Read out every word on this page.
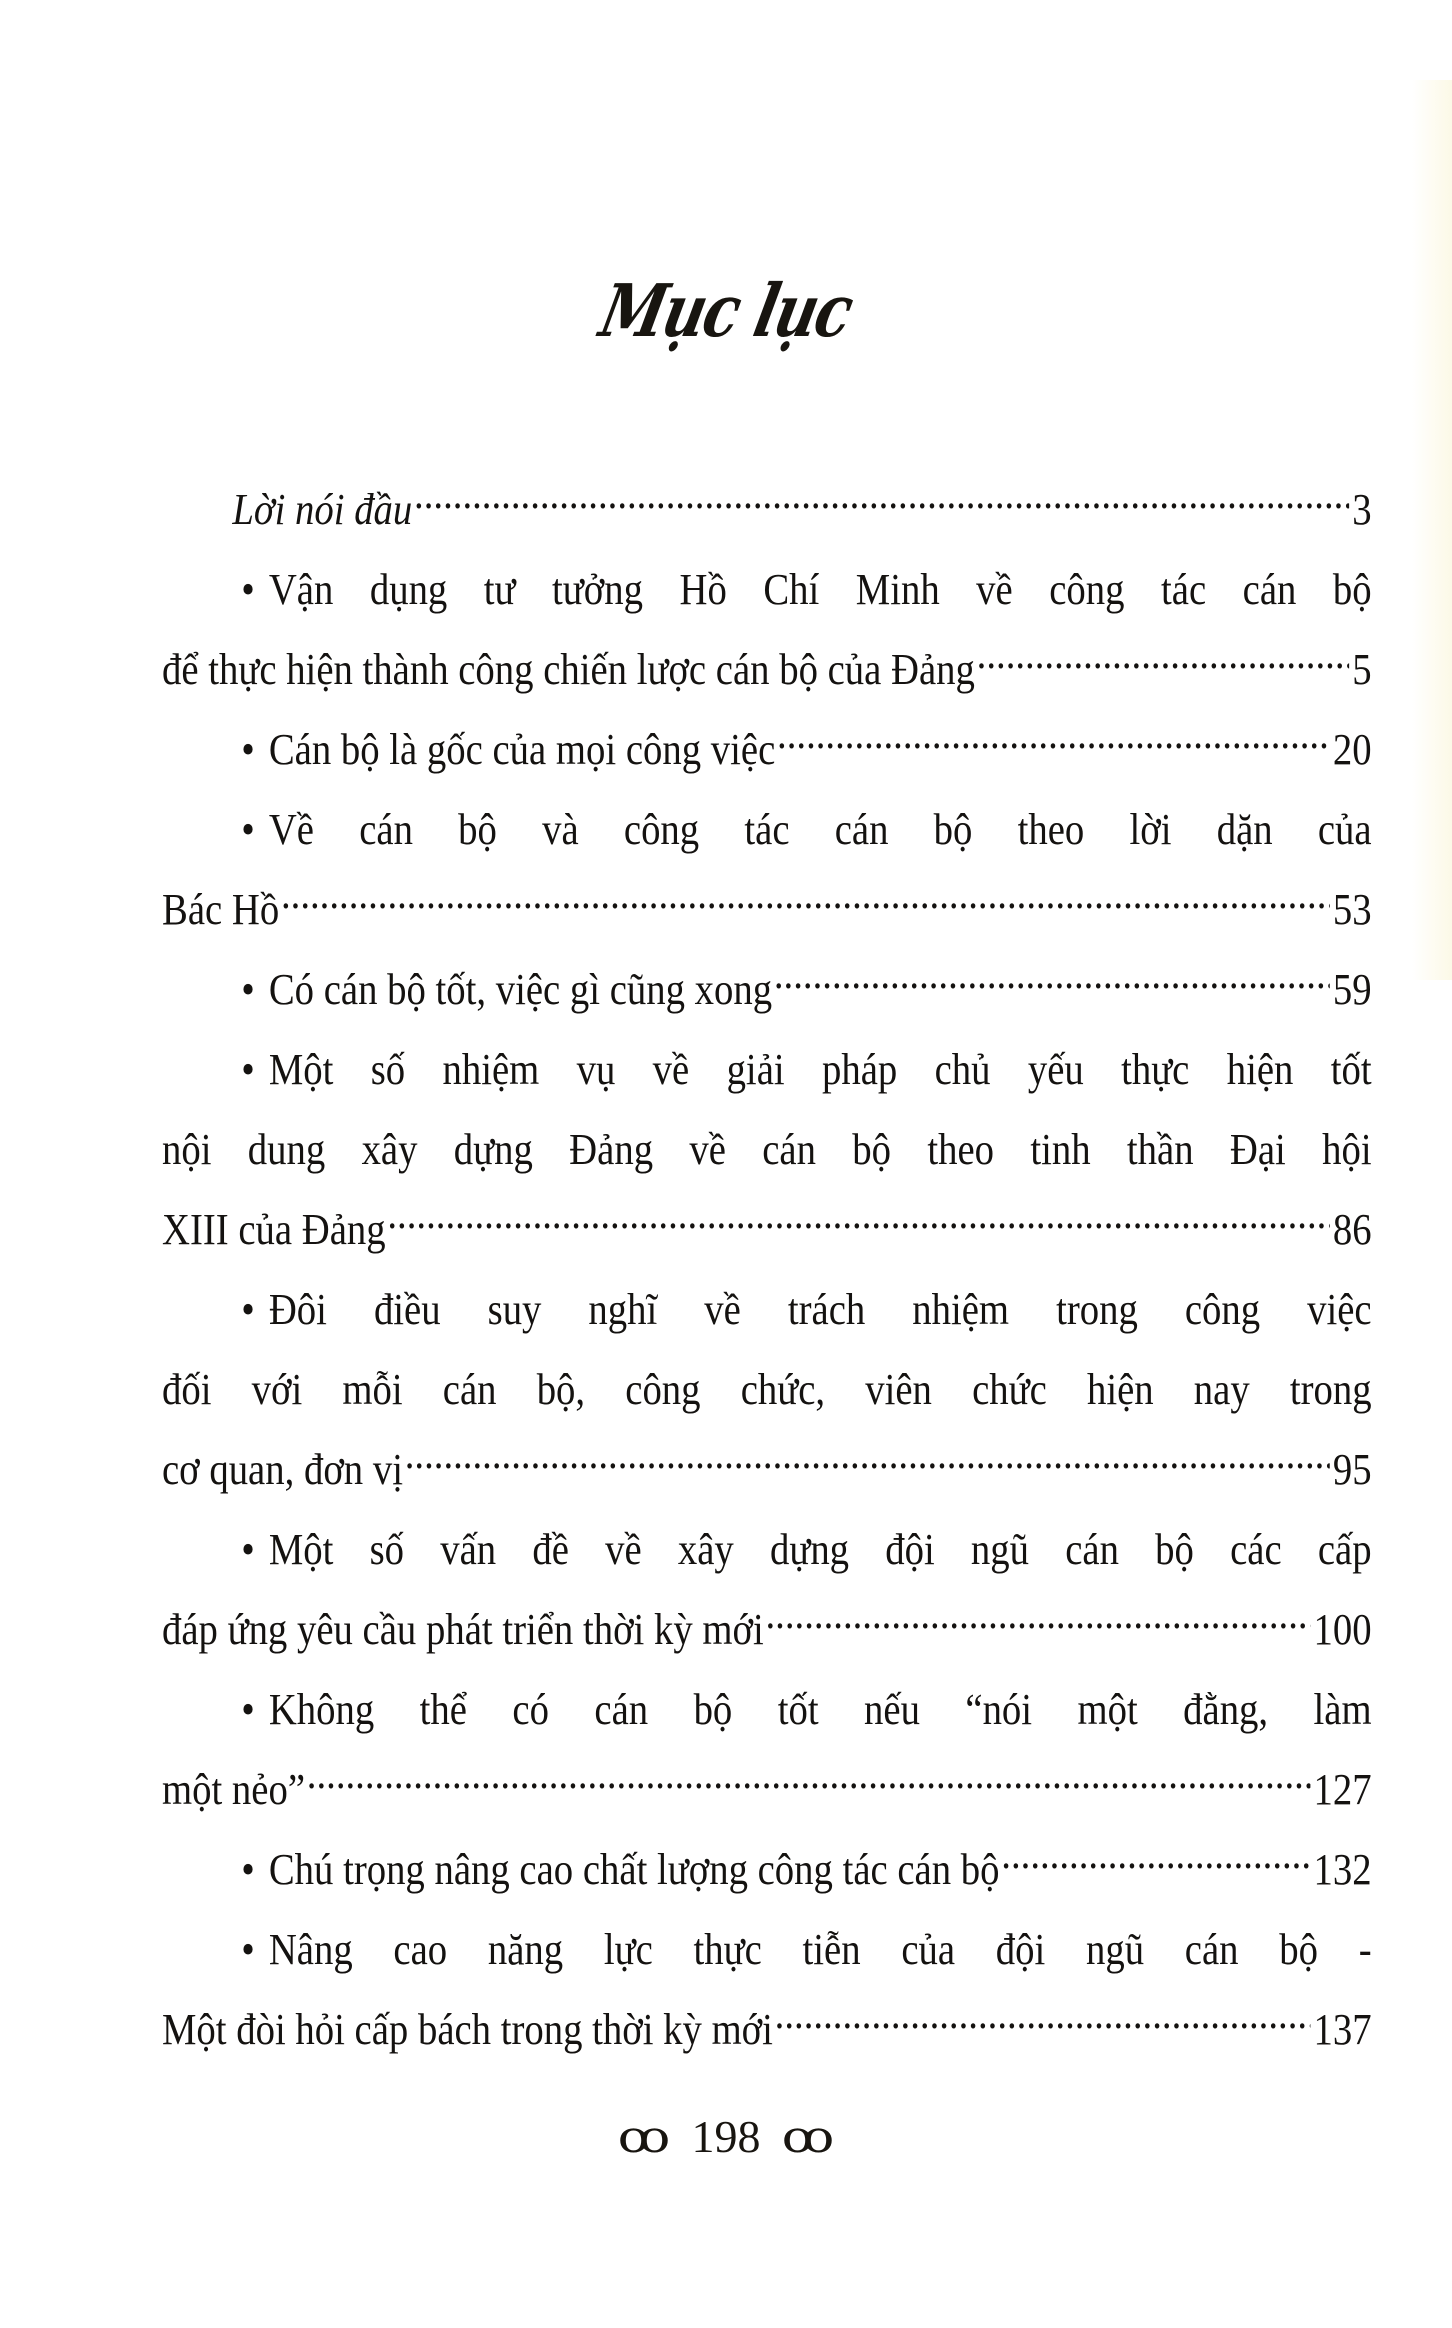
Mục lục
Lời nói đầu .....	3
• Vận dụng tư tưởng Hồ Chí Minh về công tác cán bộ
để thực hiện thành công chiến lược cán bộ của Đảng .....	5
• Cán bộ là gốc của mọi công việc .....	20
• Về cán bộ và công tác cán bộ theo lời dặn của
Bác Hồ .....	53
• Có cán bộ tốt, việc gì cũng xong .....	59
• Một số nhiệm vụ về giải pháp chủ yếu thực hiện tốt
nội dung xây dựng Đảng về cán bộ theo tinh thần Đại hội
XIII của Đảng .....	86
• Đôi điều suy nghĩ về trách nhiệm trong công việc
đối với mỗi cán bộ, công chức, viên chức hiện nay trong
cơ quan, đơn vị .....	95
• Một số vấn đề về xây dựng đội ngũ cán bộ các cấp
đáp ứng yêu cầu phát triển thời kỳ mới .....	100
• Không thể có cán bộ tốt nếu “nói một đằng, làm
một nẻo” .....	127
• Chú trọng nâng cao chất lượng công tác cán bộ .....	132
• Nâng cao năng lực thực tiễn của đội ngũ cán bộ -
Một đòi hỏi cấp bách trong thời kỳ mới .....	137
ꝏ 198 ꝏ
